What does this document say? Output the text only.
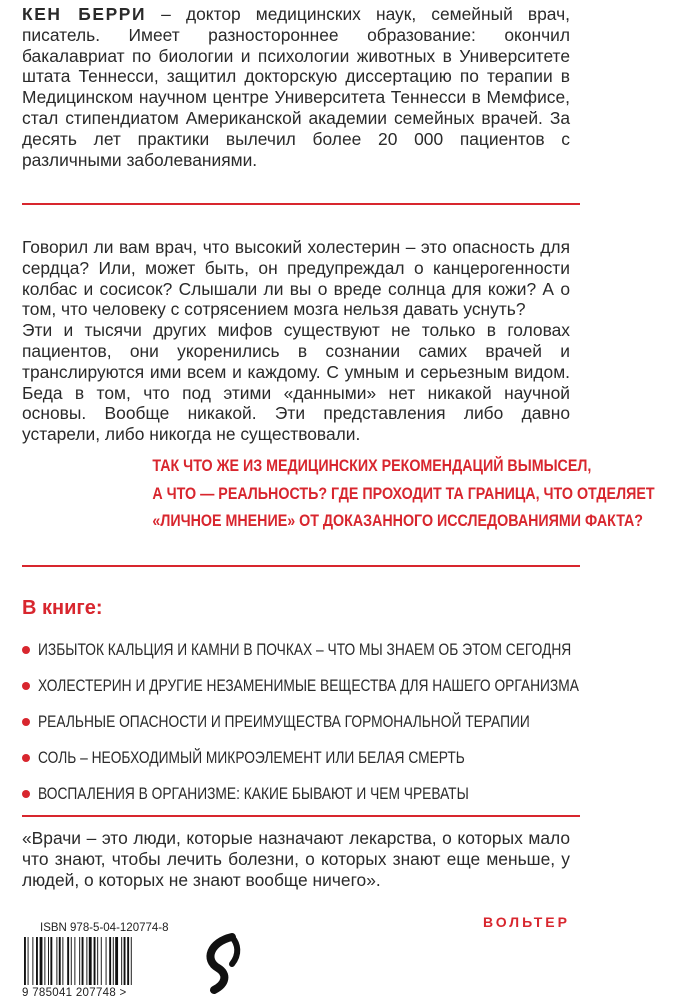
КЕН БЕРРИ – доктор медицинских наук, семейный врач, писатель. Имеет разностороннее образование: окончил бакалавриат по биологии и психологии животных в Университете штата Теннесси, защитил докторскую диссертацию по терапии в Медицинском научном центре Университета Теннесси в Мемфисе, стал стипендиатом Американской академии семейных врачей. За десять лет практики вылечил более 20 000 пациентов с различными заболеваниями.

Говорил ли вам врач, что высокий холестерин – это опасность для сердца? Или, может быть, он предупреждал о канцерогенности колбас и сосисок? Слышали ли вы о вреде солнца для кожи? А о том, что человеку с сотрясением мозга нельзя давать уснуть?

Эти и тысячи других мифов существуют не только в головах пациентов, они укоренились в сознании самих врачей и транслируются ими всем и каждому. С умным и серьезным видом. Беда в том, что под этими «данными» нет никакой научной основы. Вообще никакой. Эти представления либо давно устарели, либо никогда не существовали.

ТАК ЧТО ЖЕ ИЗ МЕДИЦИНСКИХ РЕКОМЕНДАЦИЙ ВЫМЫСЕЛ,
А ЧТО — РЕАЛЬНОСТЬ? ГДЕ ПРОХОДИТ ТА ГРАНИЦА, ЧТО ОТДЕЛЯЕТ
«ЛИЧНОЕ МНЕНИЕ» ОТ ДОКАЗАННОГО ИССЛЕДОВАНИЯМИ ФАКТА?
В книге:
ИЗБЫТОК КАЛЬЦИЯ И КАМНИ В ПОЧКАХ – ЧТО МЫ ЗНАЕМ ОБ ЭТОМ СЕГОДНЯ
ХОЛЕСТЕРИН И ДРУГИЕ НЕЗАМЕНИМЫЕ ВЕЩЕСТВА ДЛЯ НАШЕГО ОРГАНИЗМА
РЕАЛЬНЫЕ ОПАСНОСТИ И ПРЕИМУЩЕСТВА ГОРМОНАЛЬНОЙ ТЕРАПИИ
СОЛЬ – НЕОБХОДИМЫЙ МИКРОЭЛЕМЕНТ ИЛИ БЕЛАЯ СМЕРТЬ
ВОСПАЛЕНИЯ В ОРГАНИЗМЕ: КАКИЕ БЫВАЮТ И ЧЕМ ЧРЕВАТЫ

«Врачи – это люди, которые назначают лекарства, о которых мало что знают, чтобы лечить болезни, о которых знают еще меньше, у людей, о которых не знают вообще ничего».

ВОЛЬТЕР
ISBN 978-5-04-120774-8
9 785041 207748 >
